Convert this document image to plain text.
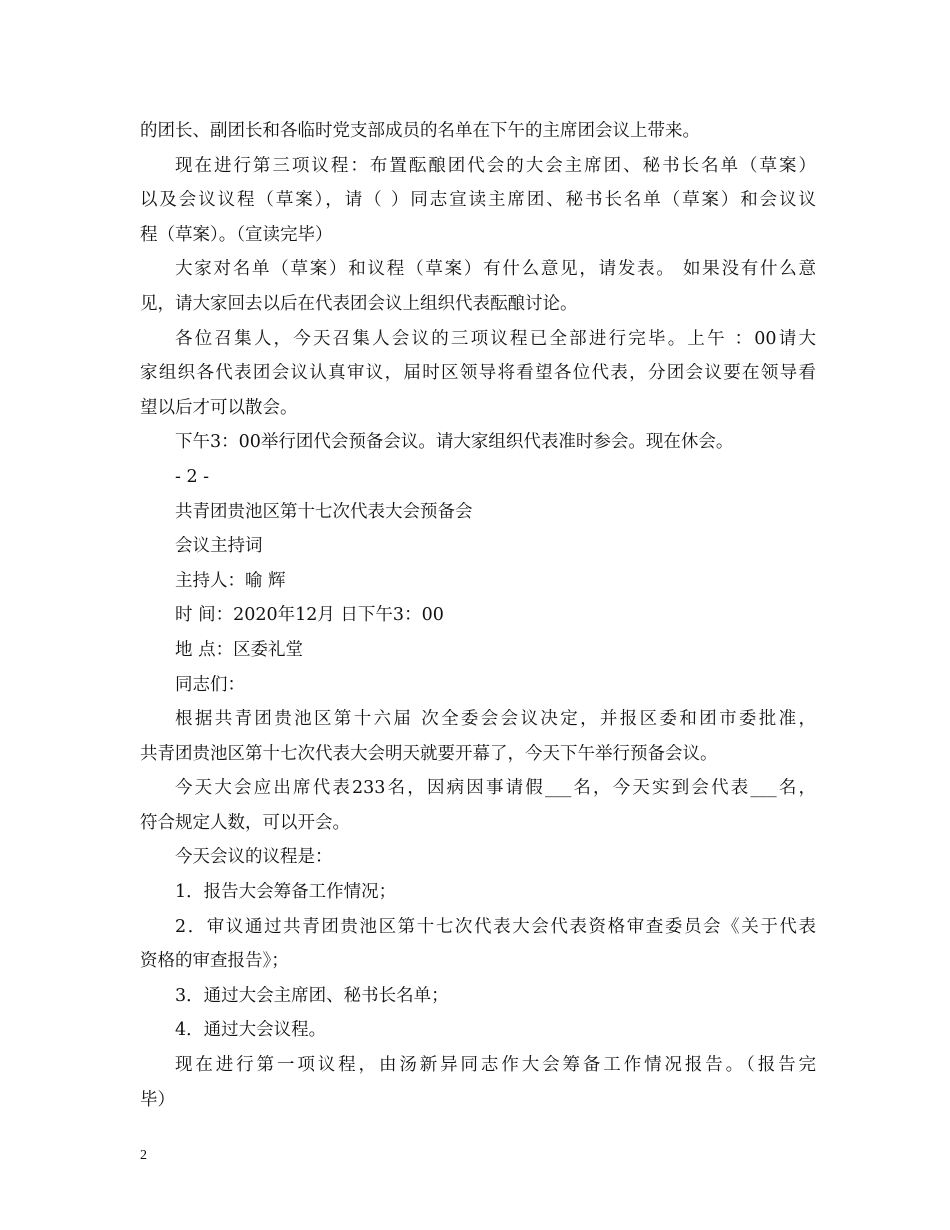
的团长、副团长和各临时党支部成员的名单在下午的主席团会议上带来。
现在进行第三项议程：布置酝酿团代会的大会主席团、秘书长名单（草案）
以及会议议程（草案），请（ ）同志宣读主席团、秘书长名单（草案）和会议议
程（草案）。（宣读完毕）
大家对名单（草案）和议程（草案）有什么意见，请发表。 如果没有什么意
见，请大家回去以后在代表团会议上组织代表酝酿讨论。
各位召集人，今天召集人会议的三项议程已全部进行完毕。上午 ：00请大
家组织各代表团会议认真审议，届时区领导将看望各位代表，分团会议要在领导看
望以后才可以散会。
下午3：00举行团代会预备会议。请大家组织代表准时参会。现在休会。
- 2 -
共青团贵池区第十七次代表大会预备会
会议主持词
主持人：喻 辉
时 间：2020年12月 日下午3：00
地 点：区委礼堂
同志们：
根据共青团贵池区第十六届 次全委会会议决定，并报区委和团市委批准，
共青团贵池区第十七次代表大会明天就要开幕了，今天下午举行预备会议。
今天大会应出席代表233名，因病因事请假___名，今天实到会代表___名，
符合规定人数，可以开会。
今天会议的议程是：
1．报告大会筹备工作情况；
2．审议通过共青团贵池区第十七次代表大会代表资格审查委员会《关于代表
资格的审查报告》；
3．通过大会主席团、秘书长名单；
4．通过大会议程。
现在进行第一项议程，由汤新异同志作大会筹备工作情况报告。（报告完
毕）
2
